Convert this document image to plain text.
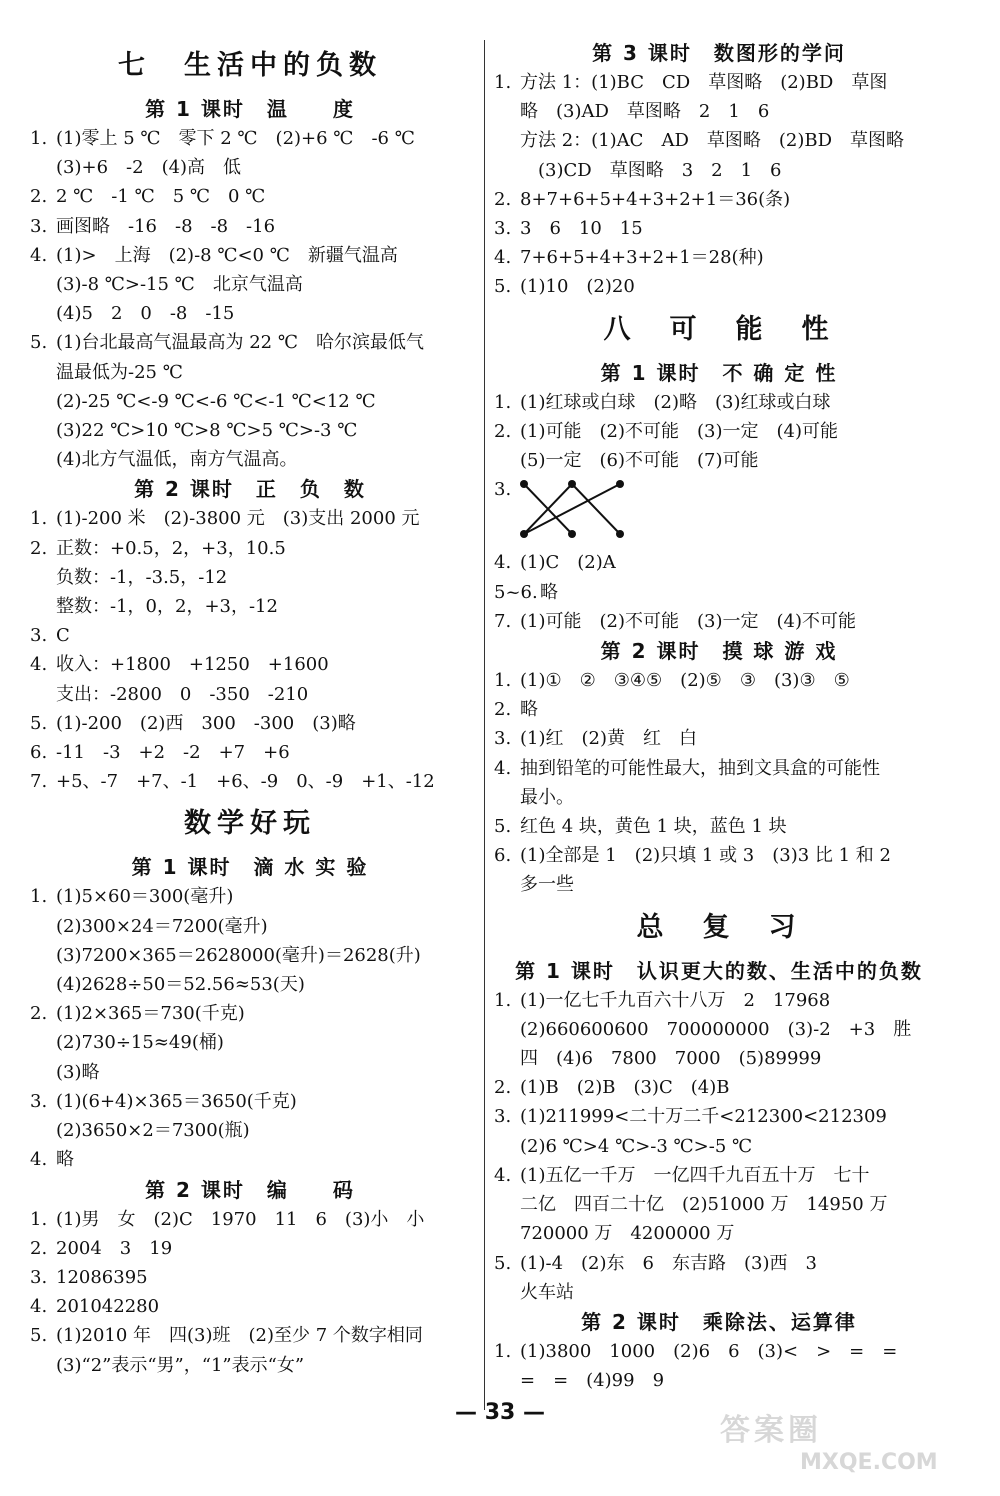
七　生活中的负数
第 1 课时　温　　度
1. (1)零上 5 ℃　零下 2 ℃　(2)+6 ℃　-6 ℃
(3)+6　-2　(4)高　低
2. 2 ℃　-1 ℃　5 ℃　0 ℃
3. 画图略　-16　-8　-8　-16
4. (1)>　上海　(2)-8 ℃<0 ℃　新疆气温高
(3)-8 ℃>-15 ℃　北京气温高
(4)5　2　0　-8　-15
5. (1)台北最高气温最高为 22 ℃　哈尔滨最低气
温最低为-25 ℃
(2)-25 ℃<-9 ℃<-6 ℃<-1 ℃<12 ℃
(3)22 ℃>10 ℃>8 ℃>5 ℃>-3 ℃
(4)北方气温低，南方气温高。
第 2 课时　正　负　数
1. (1)-200 米　(2)-3800 元　(3)支出 2000 元
2. 正数：+0.5，2，+3，10.5
负数：-1，-3.5，-12
整数：-1，0，2，+3，-12
3. C
4. 收入：+1800　+1250　+1600
支出：-2800　0　-350　-210
5. (1)-200　(2)西　300　-300　(3)略
6. -11　-3　+2　-2　+7　+6
7. +5、-7　+7、-1　+6、-9　0、-9　+1、-12
数学好玩
第 1 课时　滴 水 实 验
1. (1)5×60＝300(毫升)
(2)300×24＝7200(毫升)
(3)7200×365＝2628000(毫升)＝2628(升)
(4)2628÷50＝52.56≈53(天)
2. (1)2×365＝730(千克)
(2)730÷15≈49(桶)
(3)略
3. (1)(6+4)×365＝3650(千克)
(2)3650×2＝7300(瓶)
4. 略
第 2 课时　编　　码
1. (1)男　女　(2)C　1970　11　6　(3)小　小
2. 2004　3　19
3. 12086395
4. 201042280
5. (1)2010 年　四(3)班　(2)至少 7 个数字相同
(3)“2”表示“男”，“1”表示“女”
第 3 课时　数图形的学问
1. 方法 1：(1)BC　CD　草图略　(2)BD　草图
略　(3)AD　草图略　2　1　6
方法 2：(1)AC　AD　草图略　(2)BD　草图略
　(3)CD　草图略　3　2　1　6
2. 8+7+6+5+4+3+2+1＝36(条)
3. 3　6　10　15
4. 7+6+5+4+3+2+1＝28(种)
5. (1)10　(2)20
八　可　能　性
第 1 课时　不 确 定 性
1. (1)红球或白球　(2)略　(3)红球或白球
2. (1)可能　(2)不可能　(3)一定　(4)可能
(5)一定　(6)不可能　(7)可能
3.
4. (1)C　(2)A
5~6. 略
7. (1)可能　(2)不可能　(3)一定　(4)不可能
第 2 课时　摸 球 游 戏
1. (1)①　②　③④⑤　(2)⑤　③　(3)③　⑤
2. 略
3. (1)红　(2)黄　红　白
4. 抽到铅笔的可能性最大，抽到文具盒的可能性
最小。
5. 红色 4 块，黄色 1 块，蓝色 1 块
6. (1)全部是 1　(2)只填 1 或 3　(3)3 比 1 和 2
多一些
总　复　习
第 1 课时　认识更大的数、生活中的负数
1. (1)一亿七千九百六十八万　2　17968
(2)660600600　700000000　(3)-2　+3　胜
四　(4)6　7800　7000　(5)89999
2. (1)B　(2)B　(3)C　(4)B
3. (1)211999<二十万二千<212300<212309
(2)6 ℃>4 ℃>-3 ℃>-5 ℃
4. (1)五亿一千万　一亿四千九百五十万　七十
二亿　四百二十亿　(2)51000 万　14950 万
720000 万　4200000 万
5. (1)-4　(2)东　6　东吉路　(3)西　3
火车站
第 2 课时　乘除法、运算律
1. (1)3800　1000　(2)6　6　(3)<　>　=　=
=　=　(4)99　9
— 33 —
答案圈
MXQE.COM
